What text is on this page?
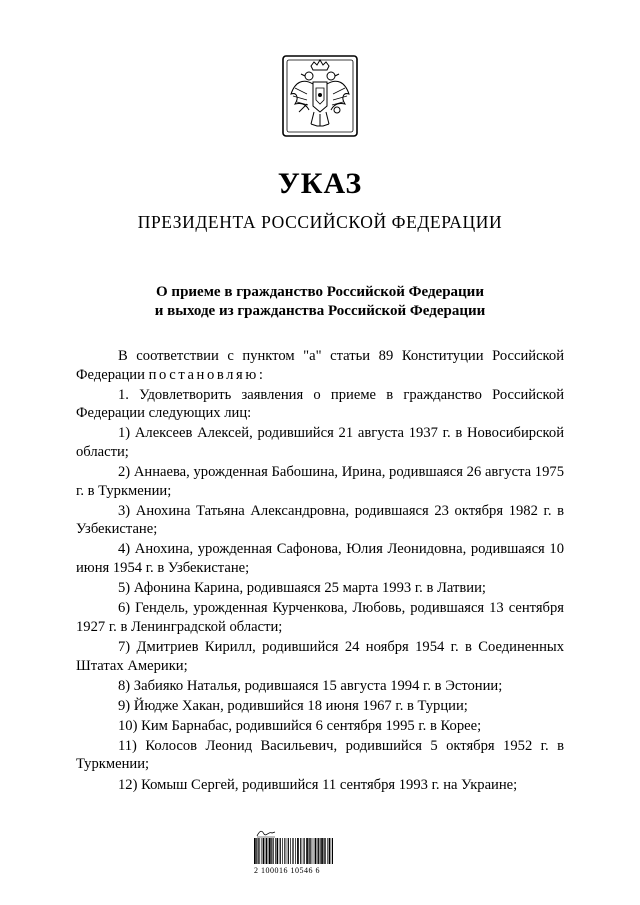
УКАЗ
ПРЕЗИДЕНТА РОССИЙСКОЙ ФЕДЕРАЦИИ
О приеме в гражданство Российской Федерации
и выходе из гражданства Российской Федерации

В соответствии с пунктом "а" статьи 89 Конституции Российской Федерации постановляю:

1. Удовлетворить заявления о приеме в гражданство Российской Федерации следующих лиц:

1) Алексеев Алексей, родившийся 21 августа 1937 г. в Новосибирской области;

2) Аннаева, урожденная Бабошина, Ирина, родившаяся 26 августа 1975 г. в Туркмении;

3) Анохина Татьяна Александровна, родившаяся 23 октября 1982 г. в Узбекистане;

4) Анохина, урожденная Сафонова, Юлия Леонидовна, родившаяся 10 июня 1954 г. в Узбекистане;

5) Афонина Карина, родившаяся 25 марта 1993 г. в Латвии;

6) Гендель, урожденная Курченкова, Любовь, родившаяся 13 сентября 1927 г. в Ленинградской области;

7) Дмитриев Кирилл, родившийся 24 ноября 1954 г. в Соединенных Штатах Америки;

8) Забияко Наталья, родившаяся 15 августа 1994 г. в Эстонии;

9) Йюдже Хакан, родившийся 18 июня 1967 г. в Турции;

10) Ким Барнабас, родившийся 6 сентября 1995 г. в Корее;

11) Колосов Леонид Васильевич, родившийся 5 октября 1952 г. в Туркмении;

12) Комыш Сергей, родившийся 11 сентября 1993 г. на Украине;

2 100016 10546 6
